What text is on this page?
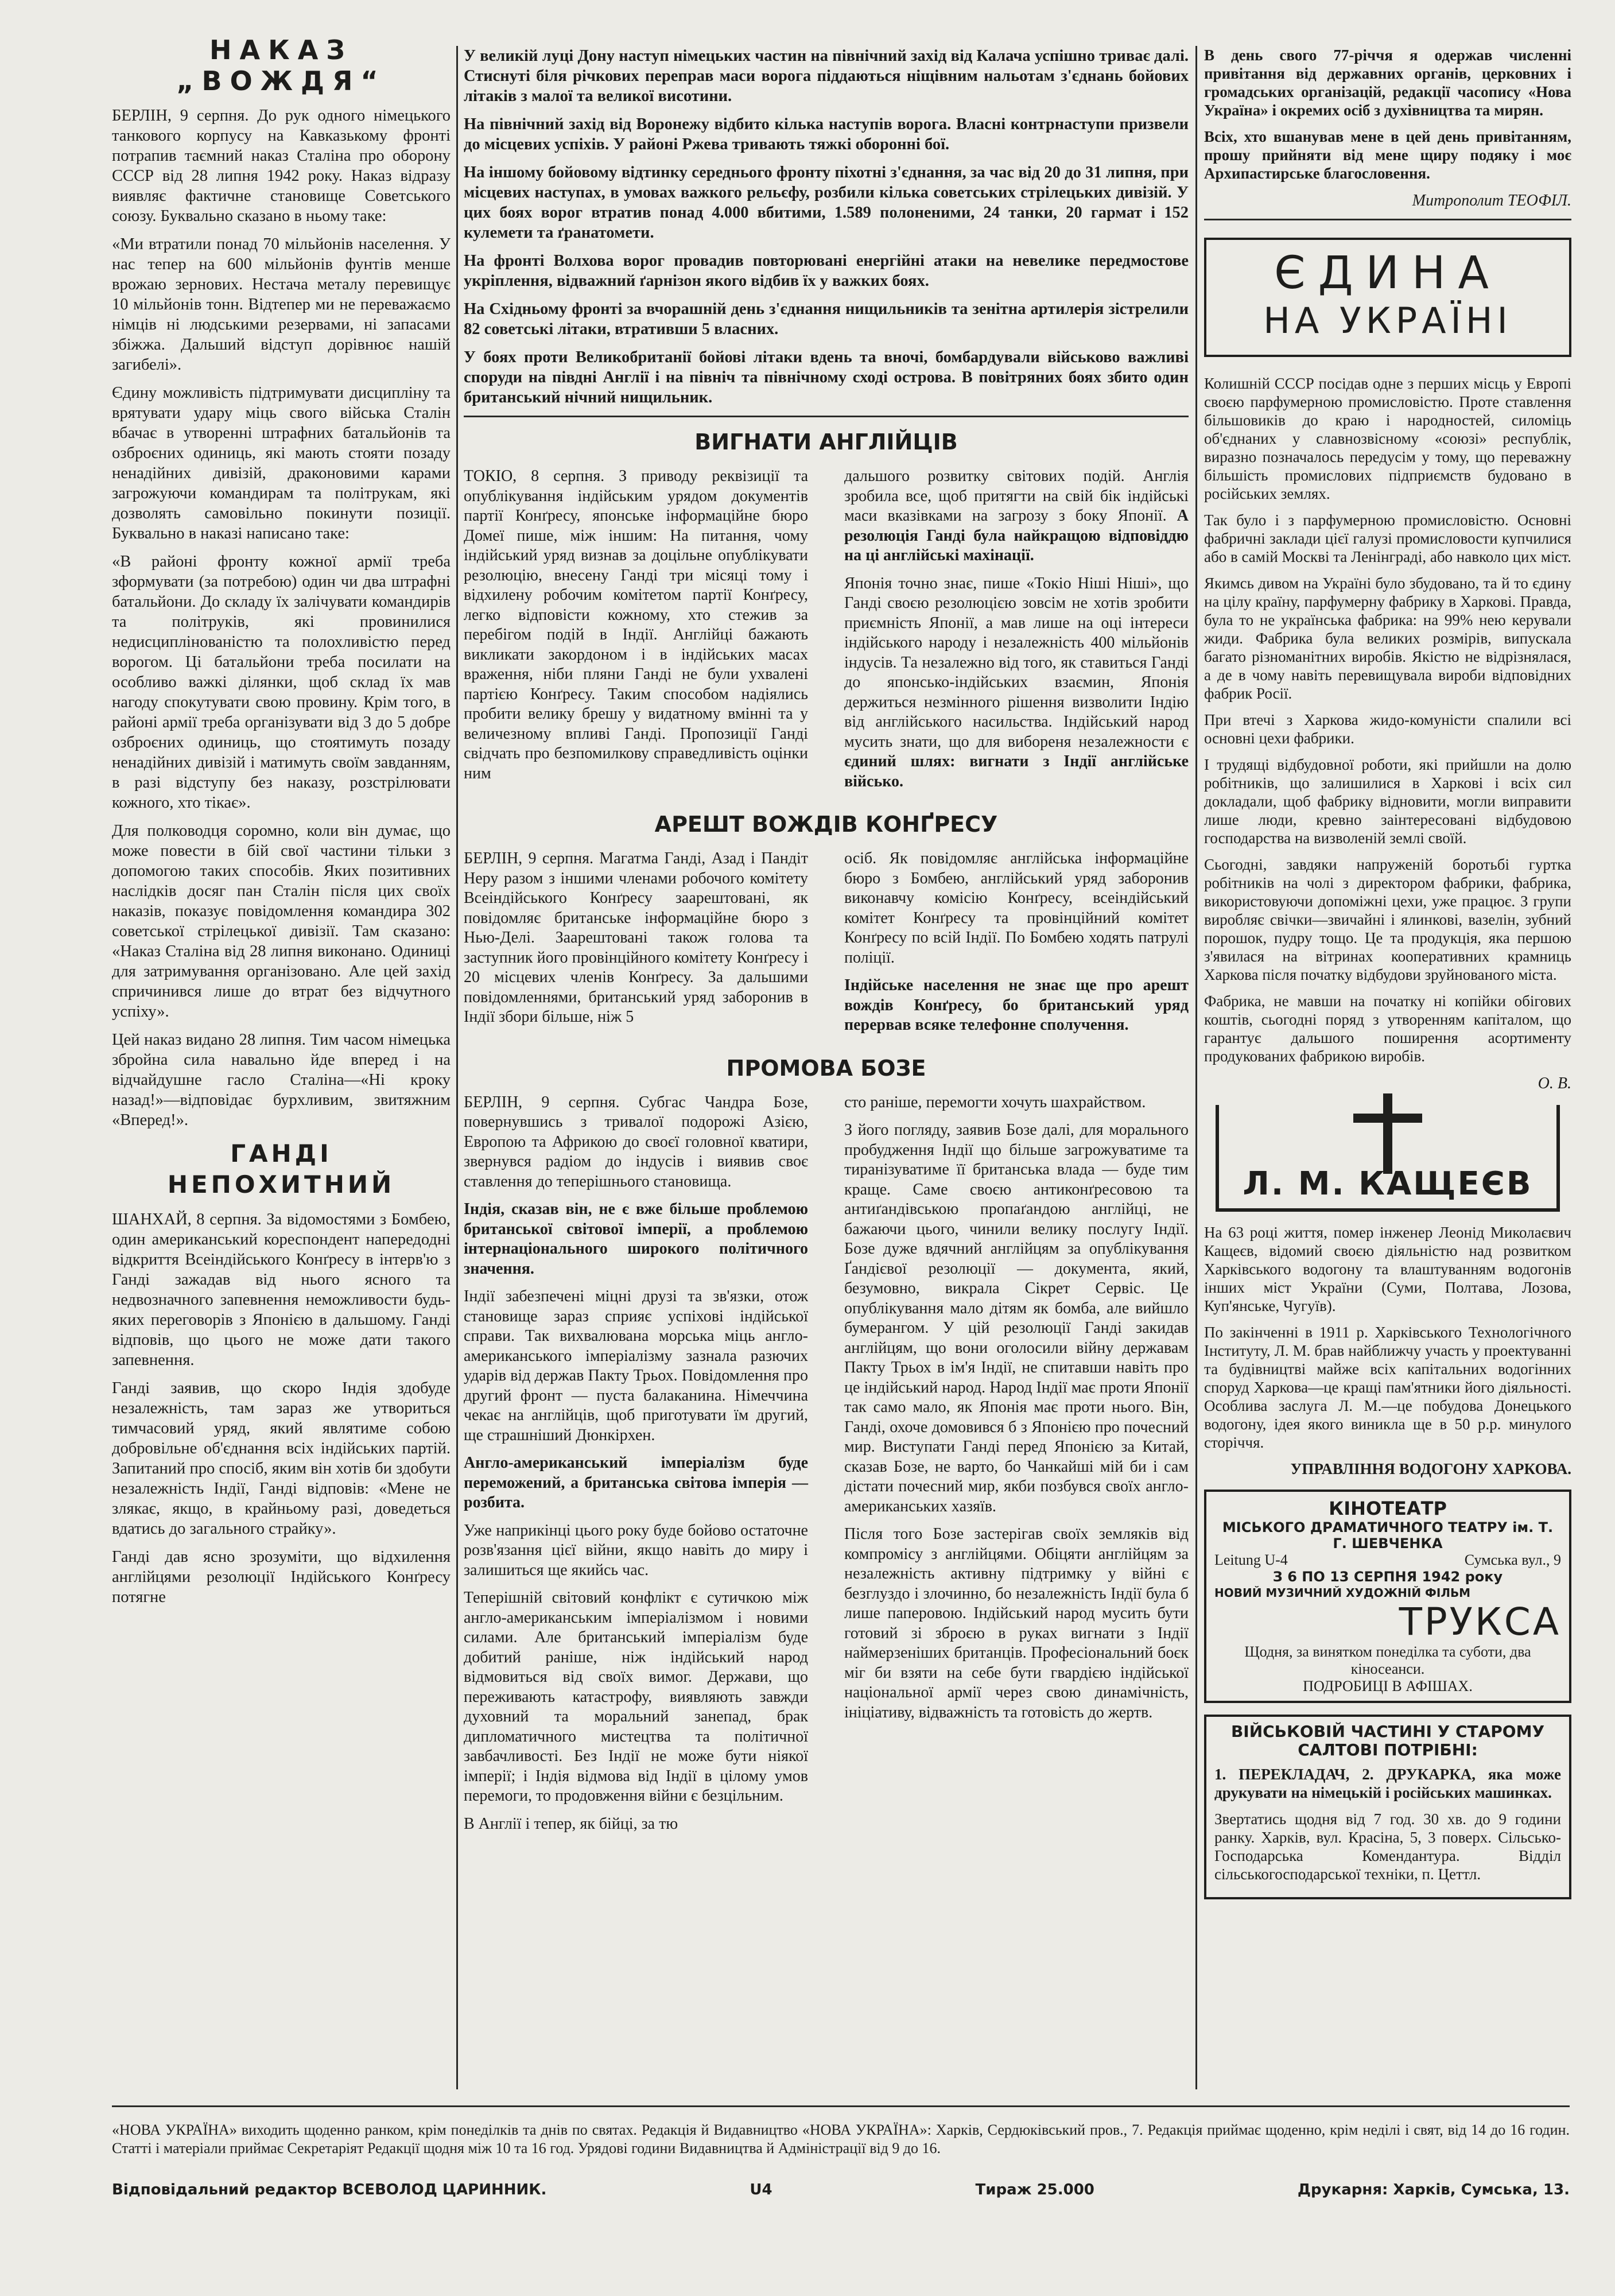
НАКАЗ „ВОЖДЯ“

БЕРЛІН, 9 серпня. До рук одного німецького танкового корпусу на Кавказькому фронті потрапив таємний наказ Сталіна про оборону СССР від 28 липня 1942 року. Наказ відразу виявляє фактичне становище Советського союзу. Буквально сказано в ньому таке:

«Ми втратили понад 70 мільйонів населення. У нас тепер на 600 мільйонів фунтів менше врожаю зернових. Нестача металу перевищує 10 мільйонів тонн. Відтепер ми не переважаємо німців ні людськими резервами, ні запасами збіжжа. Дальший відступ дорівнює нашій загибелі».

Єдину можливість підтримувати дисципліну та врятувати удару міць свого війська Сталін вбачає в утворенні штрафних батальйонів та озброєних одиниць, які мають стояти позаду ненадійних дивізій, драконовими карами загрожуючи командирам та політрукам, які дозволять самовільно покинути позиції. Буквально в наказі написано таке:

«В районі фронту кожної армії треба зформувати (за потребою) один чи два штрафні батальйони. До складу їх залічувати командирів та політруків, які провинилися недисциплінованістю та полохливістю перед ворогом. Ці батальйони треба посилати на особливо важкі ділянки, щоб склад їх мав нагоду спокутувати свою провину. Крім того, в районі армії треба організувати від 3 до 5 добре озброєних одиниць, що стоятимуть позаду ненадійних дивізій і матимуть своїм завданням, в разі відступу без наказу, розстрілювати кожного, хто тікає».

Для полководця соромно, коли він думає, що може повести в бій свої частини тільки з допомогою таких способів. Яких позитивних наслідків досяг пан Сталін після цих своїх наказів, показує повідомлення командира 302 советської стрілецької дивізії. Там сказано: «Наказ Сталіна від 28 липня виконано. Одиниці для затримування організовано. Але цей захід спричинився лише до втрат без відчутного успіху».

Цей наказ видано 28 липня. Тим часом німецька збройна сила навально йде вперед і на відчайдушне гасло Сталіна—«Ні кроку назад!»—відповідає бурхливим, звитяжним «Вперед!».

ГАНДІ НЕПОХИТНИЙ

ШАНХАЙ, 8 серпня. За відомостями з Бомбею, один американський кореспондент напередодні відкриття Всеіндійського Конґресу в інтерв'ю з Ганді зажадав від нього ясного та недвозначного запевнення неможливости будь-яких переговорів з Японією в дальшому. Ганді відповів, що цього не може дати такого запевнення.

Ганді заявив, що скоро Індія здобуде незалежність, там зараз же утвориться тимчасовий уряд, який являтиме собою добровільне об'єднання всіх індійських партій. Запитаний про спосіб, яким він хотів би здобути незалежність Індії, Ганді відповів: «Мене не злякає, якщо, в крайньому разі, доведеться вдатись до загального страйку».

Ганді дав ясно зрозуміти, що відхилення англійцями резолюції Індійського Конґресу потягне

У великій луці Дону наступ німецьких частин на північний захід від Калача успішно триває далі. Стиснуті біля річкових переправ маси ворога піддаються ніщівним нальотам з'єднань бойових літаків з малої та великої висотини.

На північний захід від Воронежу відбито кілька наступів ворога. Власні контрнаступи призвели до місцевих успіхів. У районі Ржева тривають тяжкі оборонні бої.

На іншому бойовому відтинку середнього фронту піхотні з'єднання, за час від 20 до 31 липня, при місцевих наступах, в умовах важкого рельєфу, розбили кілька советських стрілецьких дивізій. У цих боях ворог втратив понад 4.000 вбитими, 1.589 полоненими, 24 танки, 20 гармат і 152 кулемети та ґранатомети.

На фронті Волхова ворог провадив повторювані енергійні атаки на невелике передмостове укріплення, відважний ґарнізон якого відбив їх у важких боях.

На Східньому фронті за вчорашній день з'єднання нищильників та зенітна артилерія зістрелили 82 советські літаки, втративши 5 власних.

У боях проти Великобританії бойові літаки вдень та вночі, бомбардували військово важливі споруди на півдні Англії і на північ та північному сході острова. В повітряних боях збито один британський нічний нищильник.

ВИГНАТИ АНГЛІЙЦІВ

ТОКІО, 8 серпня. З приводу реквізиції та опублікування індійським урядом документів партії Конґресу, японське інформаційне бюро Домеї пише, між іншим: На питання, чому індійський уряд визнав за доцільне опублікувати резолюцію, внесену Ганді три місяці тому і відхилену робочим комітетом партії Конґресу, легко відповісти кожному, хто стежив за перебігом подій в Індії. Англійці бажають викликати закордоном і в індійських масах враження, ніби пляни Ганді не були ухвалені партією Конґресу. Таким способом надіялись пробити велику брешу у видатному вмінні та у величезному впливі Ганді. Пропозиції Ганді свідчать про безпомилкову справедливість оцінки ним

дальшого розвитку світових подій. Англія зробила все, щоб притягти на свій бік індійські маси вказівками на загрозу з боку Японії. А резолюція Ганді була найкращою відповіддю на ці англійські махінації.

Японія точно знає, пише «Токіо Ніші Ніші», що Ганді своєю резолюцією зовсім не хотів зробити приємність Японії, а мав лише на оці інтереси індійського народу і незалежність 400 мільйонів індусів. Та незалежно від того, як ставиться Ганді до японсько-індійських взаємин, Японія держиться незмінного рішення визволити Індію від англійського насильства. Індійський народ мусить знати, що для вибореня незалежности є єдиний шлях: вигнати з Індії англійське військо.

АРЕШТ ВОЖДІВ КОНҐРЕСУ

БЕРЛІН, 9 серпня. Магатма Ганді, Азад і Пандіт Неру разом з іншими членами робочого комітету Всеіндійського Конґресу заарештовані, як повідомляє британське інформаційне бюро з Нью-Делі. Заарештовані також голова та заступник його провінційного комітету Конґресу і 20 місцевих членів Конґресу. За дальшими повідомленнями, британський уряд заборонив в Індії збори більше, ніж 5

осіб. Як повідомляє англійська інформаційне бюро з Бомбею, англійський уряд заборонив виконавчу комісію Конґресу, всеіндійський комітет Конґресу та провінційний комітет Конґресу по всій Індії. По Бомбею ходять патрулі поліції.

Індійське населення не знає ще про арешт вождів Конґресу, бо британський уряд перервав всяке телефонне сполучення.

ПРОМОВА БОЗЕ

БЕРЛІН, 9 серпня. Субгас Чандра Бозе, повернувшись з тривалої подорожі Азією, Европою та Африкою до своєї головної кватири, звернувся радіом до індусів і виявив своє ставлення до теперішнього становища.

Індія, сказав він, не є вже більше проблемою британської світової імперії, а проблемою інтернаціонального широкого політичного значення.

Індії забезпечені міцні друзі та зв'язки, отож становище зараз сприяє успіхові індійської справи. Так вихвалювана морська міць англо-американського імперіалізму зазнала разючих ударів від держав Пакту Трьох. Повідомлення про другий фронт — пуста балаканина. Німеччина чекає на англійців, щоб приготувати їм другий, ще страшніший Дюнкірхен.

Англо-американський імперіалізм буде переможений, а британська світова імперія — розбита.

Уже наприкінці цього року буде бойово остаточне розв'язання цієї війни, якщо навіть до миру і залишиться ще якийсь час.

Теперішній світовий конфлікт є сутичкою між англо-американським імперіалізмом і новими силами. Але британський імперіалізм буде добитий раніше, ніж індійський народ відмовиться від своїх вимог. Держави, що переживають катастрофу, виявляють завжди духовний та моральний занепад, брак дипломатичного мистецтва та політичної завбачливості. Без Індії не може бути ніякої імперії; і Індія відмова від Індії в цілому умов перемоги, то продовження війни є безцільним.

В Англії і тепер, як бійці, за тю

сто раніше, перемогти хочуть шахрайством.

З його погляду, заявив Бозе далі, для морального пробудження Індії що більше загрожуватиме та тиранізуватиме її британська влада — буде тим краще. Саме своєю антиконґресовою та антиґандівською пропаґандою англійці, не бажаючи цього, чинили велику послугу Індії. Бозе дуже вдячний англійцям за опублікування Ґандієвої резолюції — документа, який, безумовно, викрала Сікрет Сервіс. Це опублікування мало дітям як бомба, але вийшло бумерангом. У цій резолюції Ганді закидав англійцям, що вони оголосили війну державам Пакту Трьох в ім'я Індії, не спитавши навіть про це індійський народ. Народ Індії має проти Японії так само мало, як Японія має проти нього. Він, Ганді, охоче домовився б з Японією про почесний мир. Виступати Ганді перед Японією за Китай, сказав Бозе, не варто, бо Чанкайші мій би і сам дістати почесний мир, якби позбувся своїх англо-американських хазяїв.

Після того Бозе застерігав своїх земляків від компромісу з англійцями. Обіцяти англійцям за незалежність активну підтримку у війні є безглуздо і злочинно, бо незалежність Індії була б лише паперовою. Індійський народ мусить бути готовий зі зброєю в руках вигнати з Індії наймерзеніших британців. Професіональний боєк міг би взяти на себе бути гвардією індійської національної армії через свою динамічність, ініціативу, відважність та готовість до жертв.

В день свого 77-річчя я одержав численні привітання від державних органів, церковних і громадських організацій, редакції часопису «Нова Україна» і окремих осіб з духівництва та мирян.

Всіх, хто вшанував мене в цей день привітанням, прошу прийняти від мене щиру подяку і моє Архипастирське благословення.

Митрополит ТЕОФІЛ.

ЄДИНА
НА УКРАЇНІ

Колишній СССР посідав одне з перших місць у Европі своєю парфумерною промисловістю. Проте ставлення більшовиків до краю і народностей, силоміць об'єднаних у славнозвісному «союзі» республік, виразно позначалось передусім у тому, що переважну більшість промислових підприємств будовано в російських землях.

Так було і з парфумерною промисловістю. Основні фабричні заклади цієї галузі промисловости купчилися або в самій Москві та Ленінграді, або навколо цих міст.

Якимсь дивом на Україні було збудовано, та й то єдину на цілу країну, парфумерну фабрику в Харкові. Правда, була то не українська фабрика: на 99% нею керували жиди. Фабрика була великих розмірів, випускала багато різноманітних виробів. Якістю не відрізнялася, а де в чому навіть перевищувала вироби відповідних фабрик Росії.

При втечі з Харкова жидо-комуністи спалили всі основні цехи фабрики.

І трудящі відбудовної роботи, які прийшли на долю робітників, що залишилися в Харкові і всіх сил докладали, щоб фабрику відновити, могли виправити лише люди, кревно заінтересовані відбудовою господарства на визволеній землі своїй.

Сьогодні, завдяки напруженій боротьбі гуртка робітників на чолі з директором фабрики, фабрика, використовуючи допоміжні цехи, уже працює. З групи виробляє свічки—звичайні і ялинкові, вазелін, зубний порошок, пудру тощо. Це та продукція, яка першою з'явилася на вітринах кооперативних крамниць Харкова після початку відбудови зруйнованого міста.

Фабрика, не мавши на початку ні копійки обігових коштів, сьогодні поряд з утворенням капіталом, що гарантує дальшого поширення асортименту продукованих фабрикою виробів.

О. В.

Л. М. КАЩЕЄВ

На 63 році життя, помер інженер Леонід Миколаєвич Кащеєв, відомий своєю діяльністю над розвитком Харківського водогону та влаштуванням водогонів інших міст України (Суми, Полтава, Лозова, Куп'янське, Чугуїв).

По закінченні в 1911 р. Харківського Технологічного Інституту, Л. М. брав найближчу участь у проектуванні та будівництві майже всіх капітальних водогінних споруд Харкова—це кращі пам'ятники його діяльності. Особлива заслуга Л. М.—це побудова Донецького водогону, ідея якого виникла ще в 50 р.р. минулого сторіччя.

УПРАВЛІННЯ ВОДОГОНУ ХАРКОВА.

КІНОТЕАТР
МІСЬКОГО ДРАМАТИЧНОГО ТЕАТРУ ім. Т. Г. ШЕВЧЕНКА
Leitung U-4	Сумська вул., 9
З 6 ПО 13 СЕРПНЯ 1942 року
НОВИЙ МУЗИЧНИЙ ХУДОЖНІЙ ФІЛЬМ
ТРУКСА
Щодня, за винятком понеділка та суботи, два кіносеанси.
ПОДРОБИЦІ В АФІШАХ.
ВІЙСЬКОВІЙ ЧАСТИНІ У СТАРОМУ САЛТОВІ ПОТРІБНІ:

1. ПЕРЕКЛАДАЧ, 2. ДРУКАРКА, яка може друкувати на німецькій і російських машинках.

Звертатись щодня від 7 год. 30 хв. до 9 години ранку. Харків, вул. Красіна, 5, 3 поверх. Сільсько-Господарська Комендантура. Відділ сільськогосподарської техніки, п. Цеттл.

«НОВА УКРАЇНА» виходить щоденно ранком, крім понеділків та днів по святах. Редакція й Видавництво «НОВА УКРАЇНА»: Харків, Сердюківський пров., 7. Редакція приймає щоденно, крім неділі і свят, від 14 до 16 годин. Статті і матеріали приймає Секретаріят Редакції щодня між 10 та 16 год. Урядові години Видавництва й Адміністрації від 9 до 16.
Відповідальний редактор ВСЕВОЛОД ЦАРИННИК.	U4	Тираж 25.000	Друкарня: Харків, Сумська, 13.
